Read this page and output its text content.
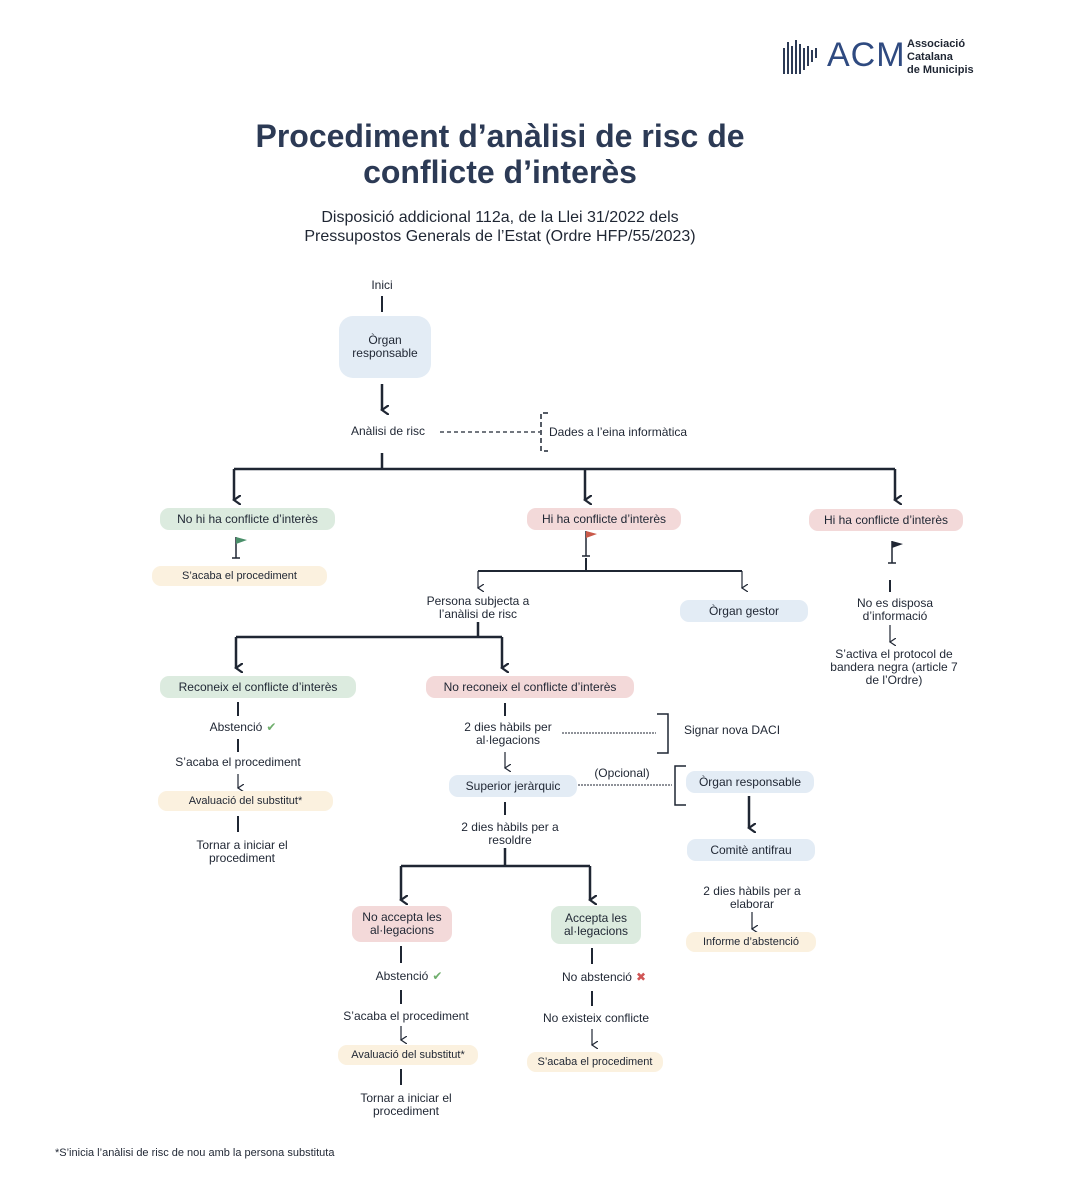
ACM Associació
Catalana
de Municipis
Procediment d’anàlisi de risc de
conflicte d’interès
Disposició addicional 112a, de la Llei 31/2022 dels
Pressupostos Generals de l’Estat (Ordre HFP/55/2023)
Inici
Òrgan responsable
Anàlisi de risc	Dades a l’eina informàtica
No hi ha conflicte d’interès
S’acaba el procediment
Hi ha conflicte d’interès	Hi ha conflicte d’interès
Persona subjecta a l’anàlisi de risc	Òrgan gestor
No es disposa d’informació
S’activa el protocol de bandera negra (article 7 de l’Ordre)
Reconeix el conflicte d’interès	No reconeix el conflicte d’interès
Abstenció ✔
S’acaba el procediment
Avaluació del substitut*
Tornar a iniciar el procediment
2 dies hàbils per al·legacions
Signar nova DACI
Superior jeràrquic
(Opcional)
Òrgan responsable
2 dies hàbils per a resoldre
Comitè antifrau
2 dies hàbils per a elaborar
Informe d’abstenció
No accepta les al·legacions
Accepta les al·legacions
Abstenció ✔	No abstenció ✖
S’acaba el procediment	No existeix conflicte
Avaluació del substitut*
S’acaba el procediment
Tornar a iniciar el procediment
*S’inicia l’anàlisi de risc de nou amb la persona substituta
